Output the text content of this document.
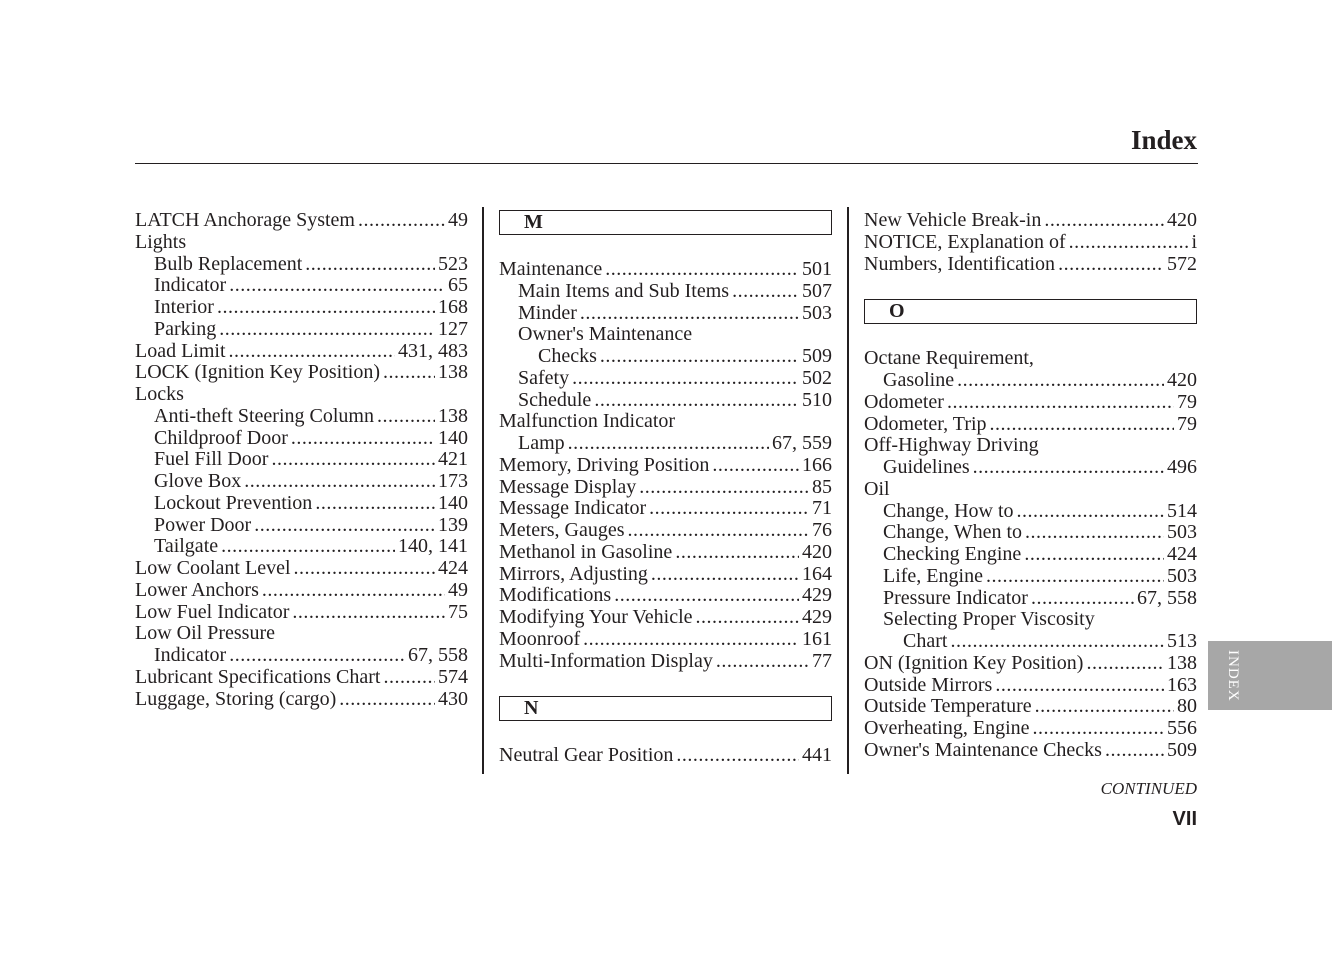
Index
LATCH Anchorage System .....	49
Lights
Bulb Replacement .....	523
Indicator .....	65
Interior .....	168
Parking .....	127
Load Limit .....	431, 483
LOCK (Ignition Key Position) .....	138
Locks
Anti-theft Steering Column .....	138
Childproof Door .....	140
Fuel Fill Door .....	421
Glove Box .....	173
Lockout Prevention .....	140
Power Door .....	139
Tailgate .....	140, 141
Low Coolant Level .....	424
Lower Anchors .....	49
Low Fuel Indicator .....	75
Low Oil Pressure
Indicator .....	67, 558
Lubricant Specifications Chart .....	574
Luggage, Storing (cargo) .....	430
M
Maintenance .....	501
Main Items and Sub Items .....	507
Minder .....	503
Owner's Maintenance
Checks .....	509
Safety .....	502
Schedule .....	510
Malfunction Indicator
Lamp .....	67, 559
Memory, Driving Position .....	166
Message Display .....	85
Message Indicator .....	71
Meters, Gauges .....	76
Methanol in Gasoline .....	420
Mirrors, Adjusting .....	164
Modifications .....	429
Modifying Your Vehicle .....	429
Moonroof .....	161
Multi-Information Display .....	77
N
Neutral Gear Position .....	441
New Vehicle Break-in .....	420
NOTICE, Explanation of .....	i
Numbers, Identification .....	572
O
Octane Requirement,
Gasoline .....	420
Odometer .....	79
Odometer, Trip .....	79
Off-Highway Driving
Guidelines .....	496
Oil
Change, How to .....	514
Change, When to .....	503
Checking Engine .....	424
Life, Engine .....	503
Pressure Indicator .....	67, 558
Selecting Proper Viscosity
Chart .....	513
ON (Ignition Key Position) .....	138
Outside Mirrors .....	163
Outside Temperature .....	80
Overheating, Engine .....	556
Owner's Maintenance Checks .....	509
INDEX
CONTINUED
VII
